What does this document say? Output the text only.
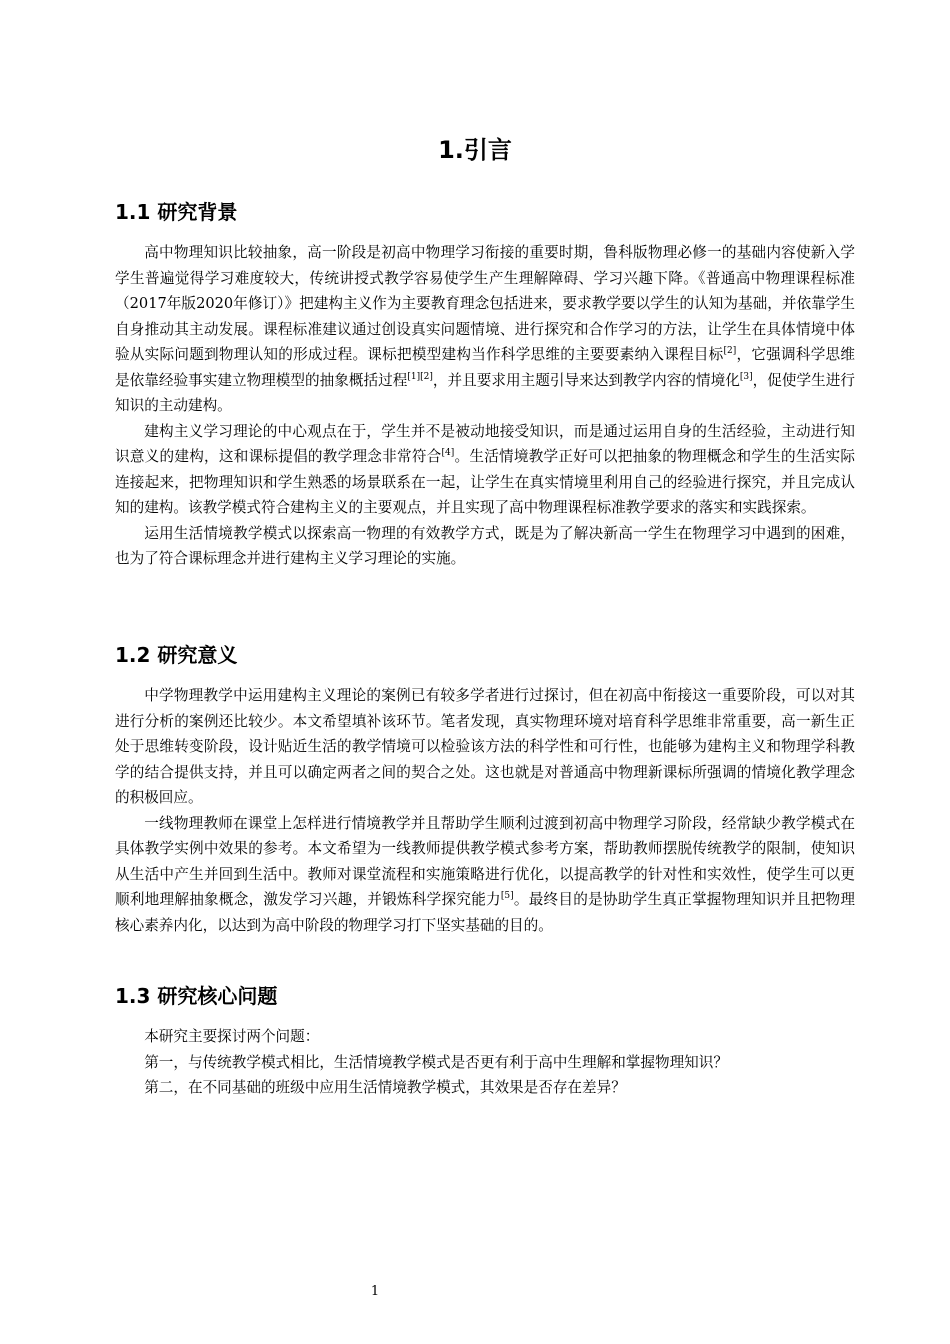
1.引言
1.1 研究背景

高中物理知识比较抽象，高一阶段是初高中物理学习衔接的重要时期，鲁科版物理必修一的基础内容使新入学学生普遍觉得学习难度较大，传统讲授式教学容易使学生产生理解障碍、学习兴趣下降。《普通高中物理课程标准（2017年版2020年修订）》把建构主义作为主要教育理念包括进来，要求教学要以学生的认知为基础，并依靠学生自身推动其主动发展。课程标准建议通过创设真实问题情境、进行探究和合作学习的方法，让学生在具体情境中体验从实际问题到物理认知的形成过程。课标把模型建构当作科学思维的主要要素纳入课程目标[2]，它强调科学思维是依靠经验事实建立物理模型的抽象概括过程[1][2]，并且要求用主题引导来达到教学内容的情境化[3]，促使学生进行知识的主动建构。

建构主义学习理论的中心观点在于，学生并不是被动地接受知识，而是通过运用自身的生活经验，主动进行知识意义的建构，这和课标提倡的教学理念非常符合[4]。生活情境教学正好可以把抽象的物理概念和学生的生活实际连接起来，把物理知识和学生熟悉的场景联系在一起，让学生在真实情境里利用自己的经验进行探究，并且完成认知的建构。该教学模式符合建构主义的主要观点，并且实现了高中物理课程标准教学要求的落实和实践探索。

运用生活情境教学模式以探索高一物理的有效教学方式，既是为了解决新高一学生在物理学习中遇到的困难，也为了符合课标理念并进行建构主义学习理论的实施。

1.2 研究意义

中学物理教学中运用建构主义理论的案例已有较多学者进行过探讨，但在初高中衔接这一重要阶段，可以对其进行分析的案例还比较少。本文希望填补该环节。笔者发现，真实物理环境对培育科学思维非常重要，高一新生正处于思维转变阶段，设计贴近生活的教学情境可以检验该方法的科学性和可行性，也能够为建构主义和物理学科教学的结合提供支持，并且可以确定两者之间的契合之处。这也就是对普通高中物理新课标所强调的情境化教学理念的积极回应。

一线物理教师在课堂上怎样进行情境教学并且帮助学生顺利过渡到初高中物理学习阶段，经常缺少教学模式在具体教学实例中效果的参考。本文希望为一线教师提供教学模式参考方案，帮助教师摆脱传统教学的限制，使知识从生活中产生并回到生活中。教师对课堂流程和实施策略进行优化，以提高教学的针对性和实效性，使学生可以更顺利地理解抽象概念，激发学习兴趣，并锻炼科学探究能力[5]。最终目的是协助学生真正掌握物理知识并且把物理核心素养内化，以达到为高中阶段的物理学习打下坚实基础的目的。

1.3 研究核心问题

本研究主要探讨两个问题：

第一，与传统教学模式相比，生活情境教学模式是否更有利于高中生理解和掌握物理知识？

第二，在不同基础的班级中应用生活情境教学模式，其效果是否存在差异？

1
